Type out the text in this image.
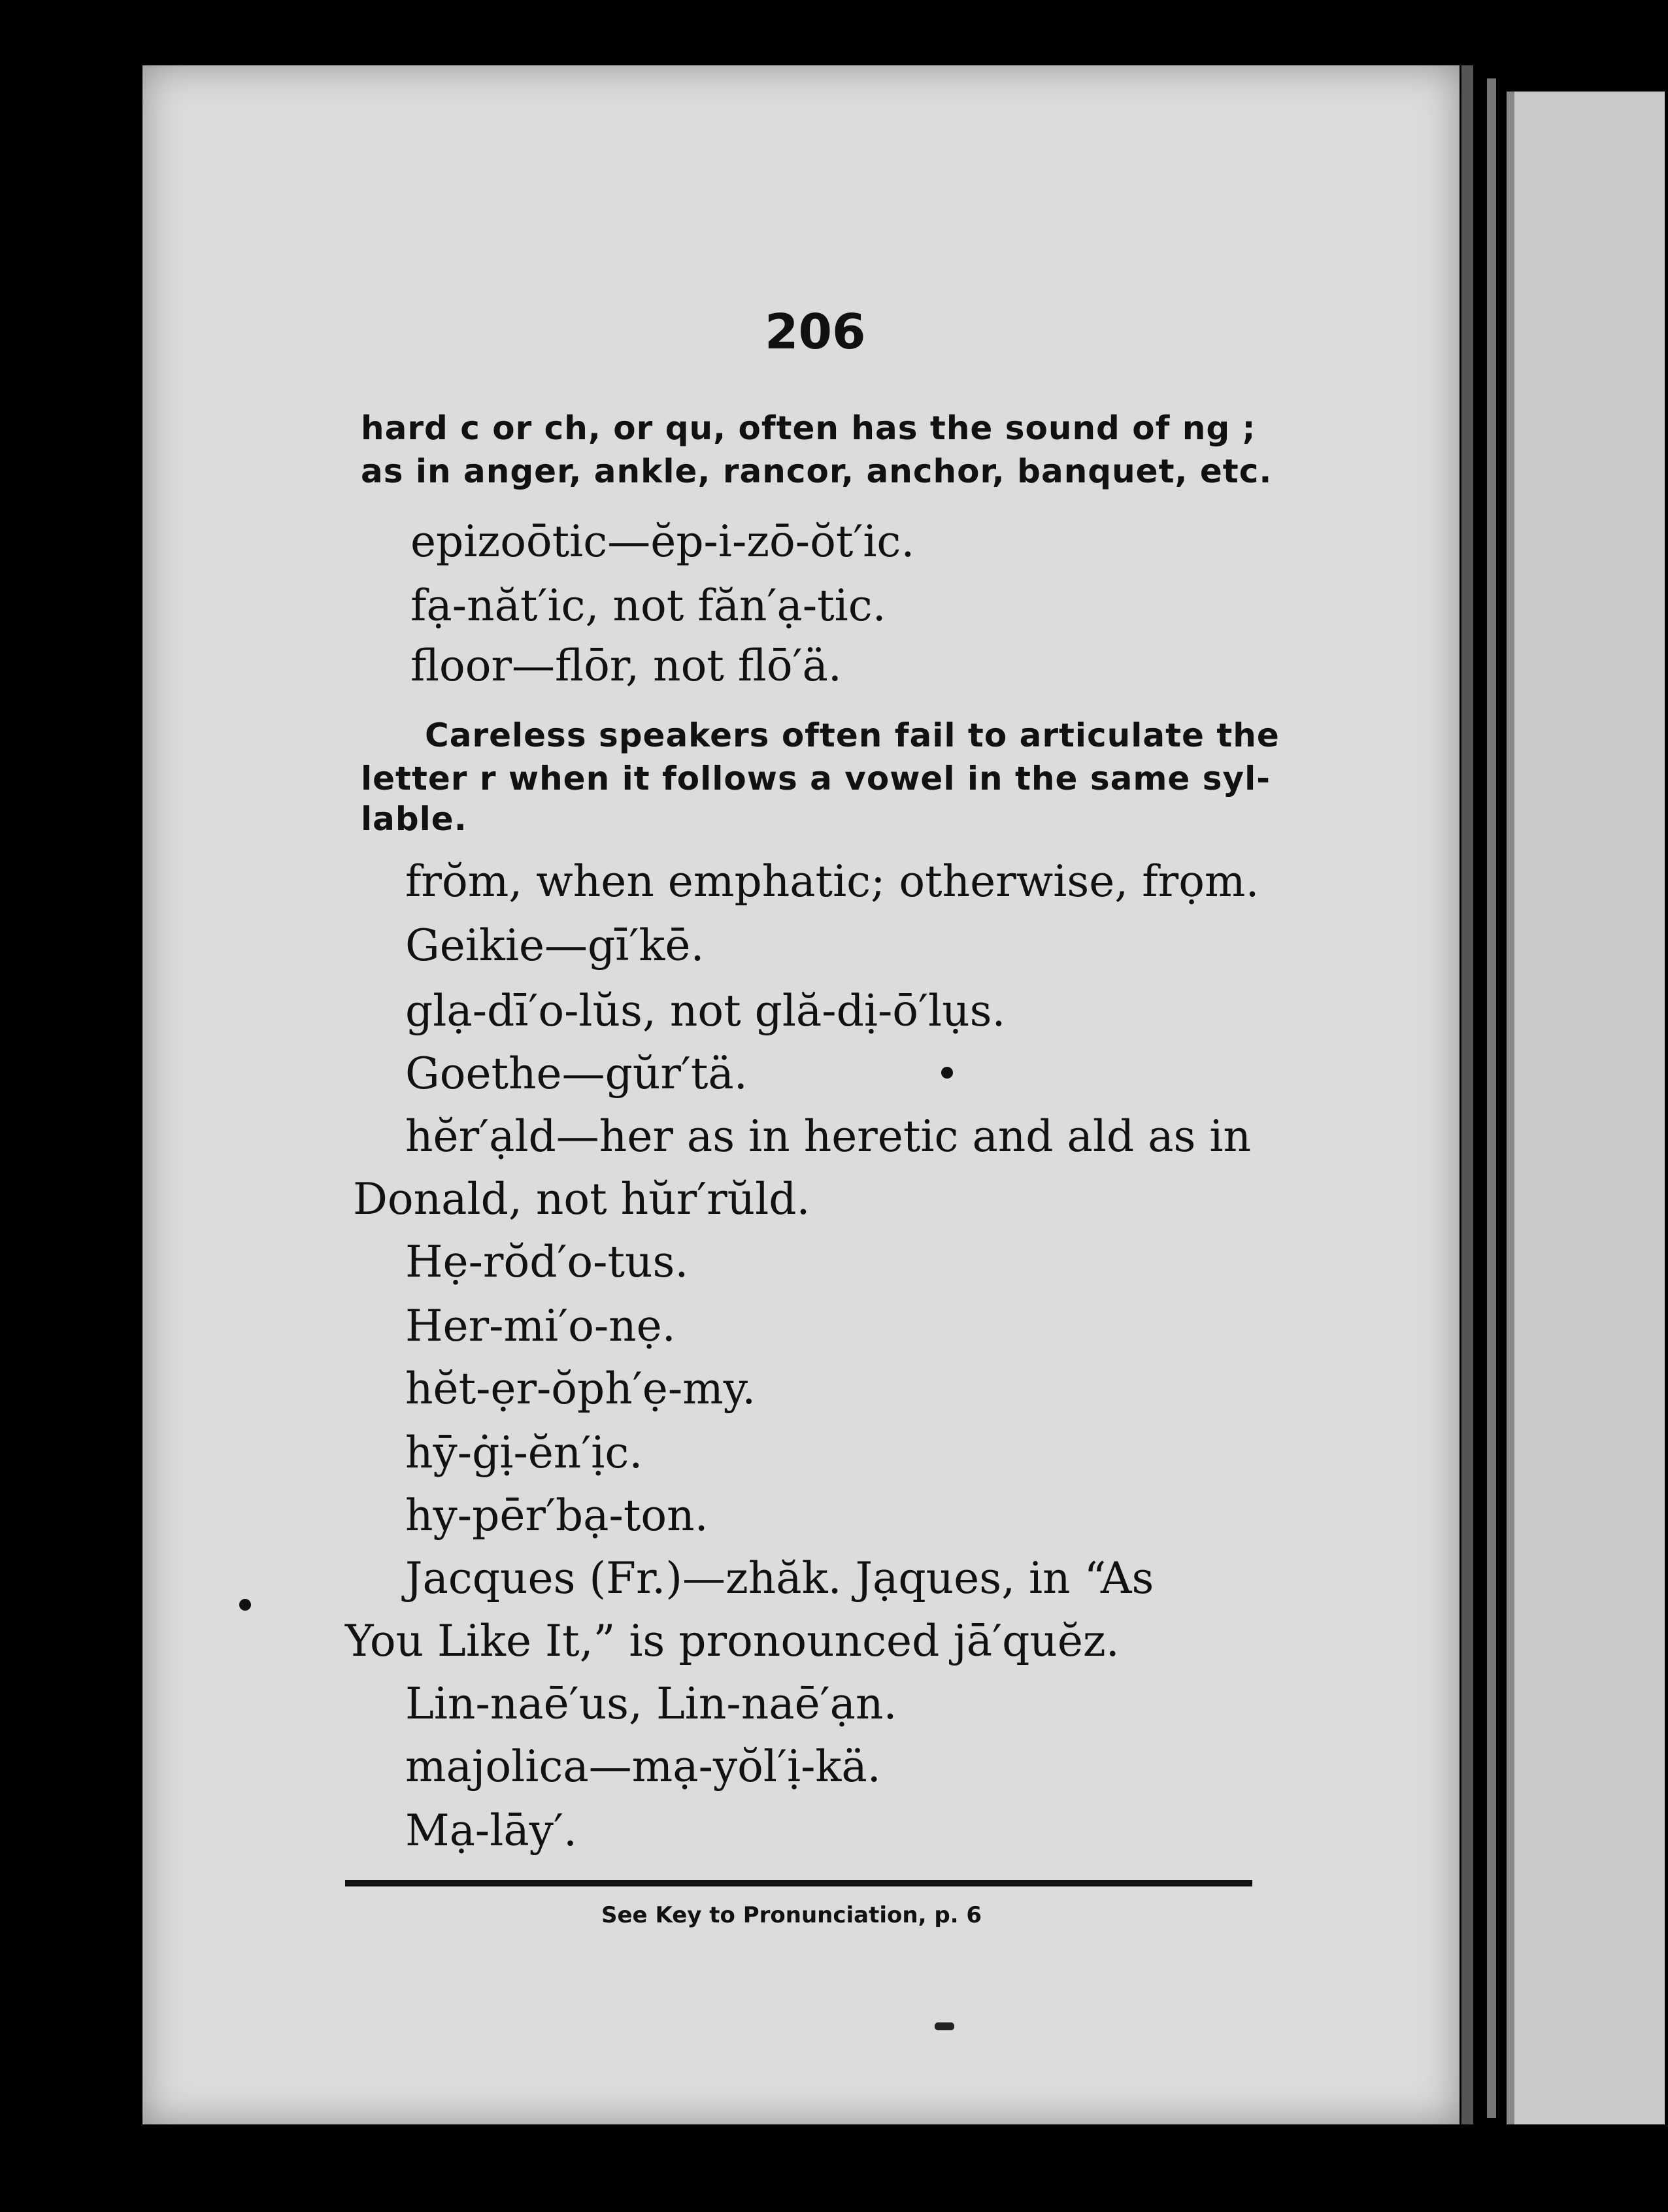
206
hard c or ch, or qu, often has the sound of ng ;
as in anger, ankle, rancor, anchor, banquet, etc.
epizoōtic—ĕp-i-zō-ŏt′ic.
fạ-năt′ic, not făn′ạ-tic.
floor—flōr, not flō′ä.
Careless speakers often fail to articulate the
letter r when it follows a vowel in the same syl-
lable.
frŏm, when emphatic; otherwise, frọm.
Geikie—gī′kē.
glạ-dī′o-lŭs, not glă-dị-ō′lụs.
Goethe—gŭr′tä.
hĕr′ạld—her as in heretic and ald as in
Donald, not hŭr′rŭld.
Hẹ-rŏd′o-tus.
Her-mi′o-nẹ.
hĕt-ẹr-ŏph′ẹ-my.
hȳ-ġị-ĕn′ịc.
hy-pēr′bạ-ton.
Jacques (Fr.)—zhăk. Jạques, in “As
You Like It,” is pronounced jā′quĕz.
Lin-naē′us, Lin-naē′ạn.
majolica—mạ-yŏl′ị-kä.
Mạ-lāy′.
See Key to Pronunciation, p. 6
